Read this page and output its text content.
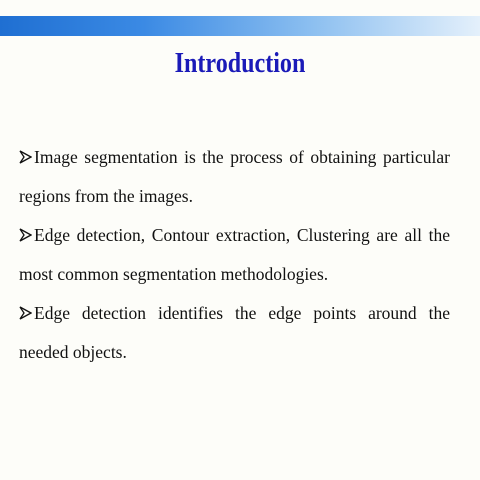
Introduction
Image segmentation is the process of obtaining particular regions from the images.
Edge detection, Contour extraction, Clustering are all the most common segmentation methodologies.
Edge detection identifies the edge points around the needed objects.
